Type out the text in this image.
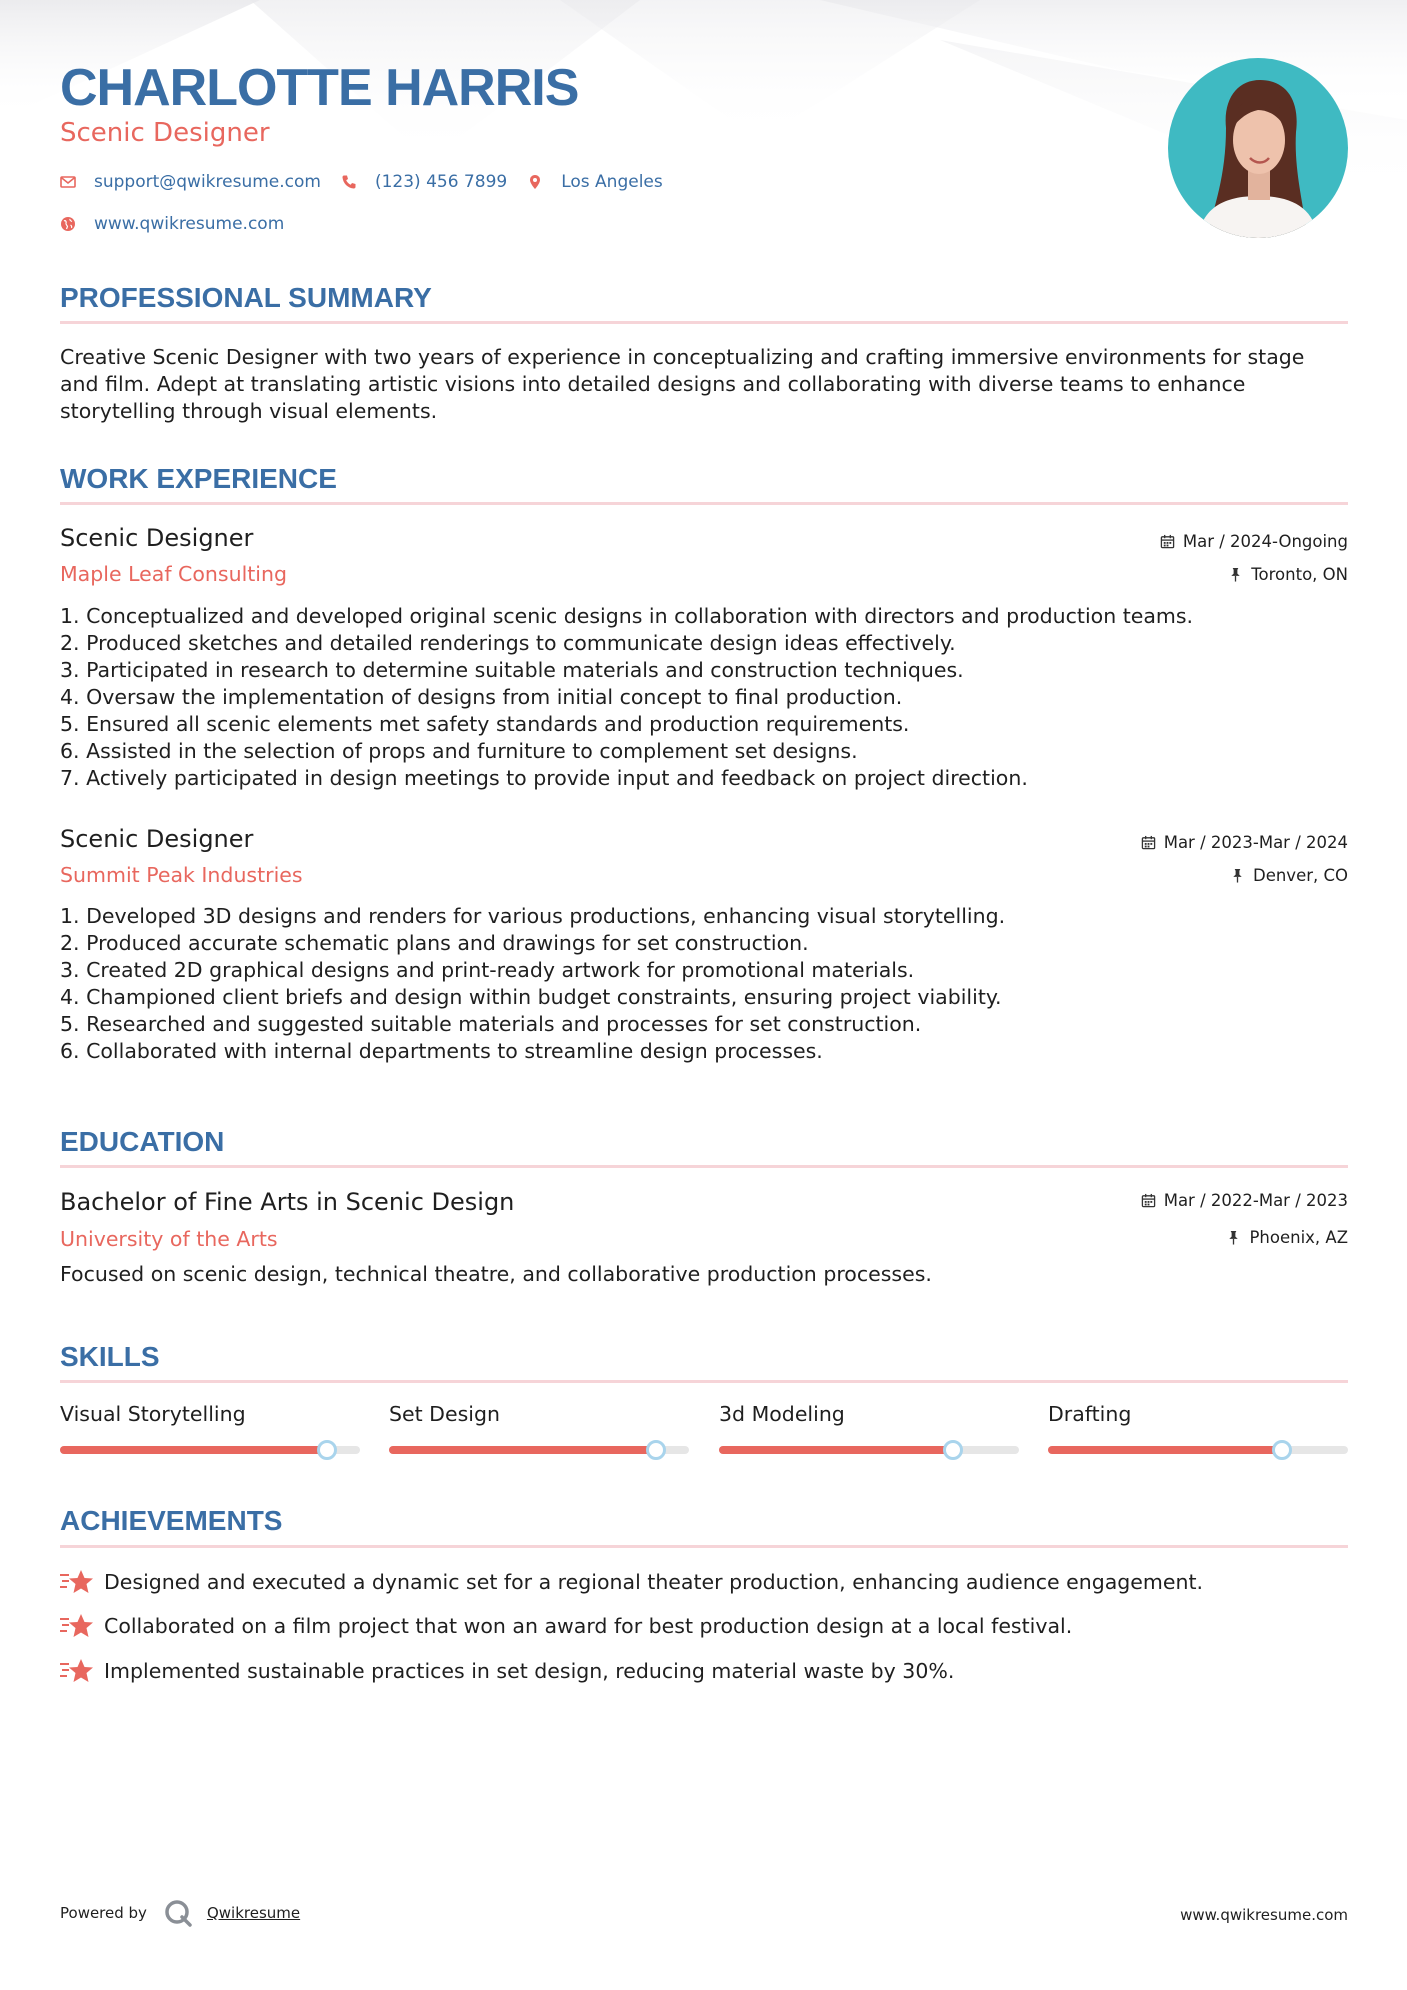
CHARLOTTE HARRIS
Scenic Designer
support@qwikresume.com	(123) 456 7899	Los Angeles
www.qwikresume.com
PROFESSIONAL SUMMARY
Creative Scenic Designer with two years of experience in conceptualizing and crafting immersive environments for stage
and film. Adept at translating artistic visions into detailed designs and collaborating with diverse teams to enhance
storytelling through visual elements.
WORK EXPERIENCE
Scenic Designer
Maple Leaf Consulting
Mar / 2024-Ongoing
Toronto, ON
1. Conceptualized and developed original scenic designs in collaboration with directors and production teams.
2. Produced sketches and detailed renderings to communicate design ideas effectively.
3. Participated in research to determine suitable materials and construction techniques.
4. Oversaw the implementation of designs from initial concept to final production.
5. Ensured all scenic elements met safety standards and production requirements.
6. Assisted in the selection of props and furniture to complement set designs.
7. Actively participated in design meetings to provide input and feedback on project direction.
Scenic Designer
Summit Peak Industries
Mar / 2023-Mar / 2024
Denver, CO
1. Developed 3D designs and renders for various productions, enhancing visual storytelling.
2. Produced accurate schematic plans and drawings for set construction.
3. Created 2D graphical designs and print-ready artwork for promotional materials.
4. Championed client briefs and design within budget constraints, ensuring project viability.
5. Researched and suggested suitable materials and processes for set construction.
6. Collaborated with internal departments to streamline design processes.
EDUCATION
Bachelor of Fine Arts in Scenic Design
University of the Arts
Mar / 2022-Mar / 2023
Phoenix, AZ
Focused on scenic design, technical theatre, and collaborative production processes.
SKILLS
Visual Storytelling	Set Design	3d Modeling	Drafting
ACHIEVEMENTS
Designed and executed a dynamic set for a regional theater production, enhancing audience engagement.
Collaborated on a film project that won an award for best production design at a local festival.
Implemented sustainable practices in set design, reducing material waste by 30%.
Powered by	Qwikresume	www.qwikresume.com
